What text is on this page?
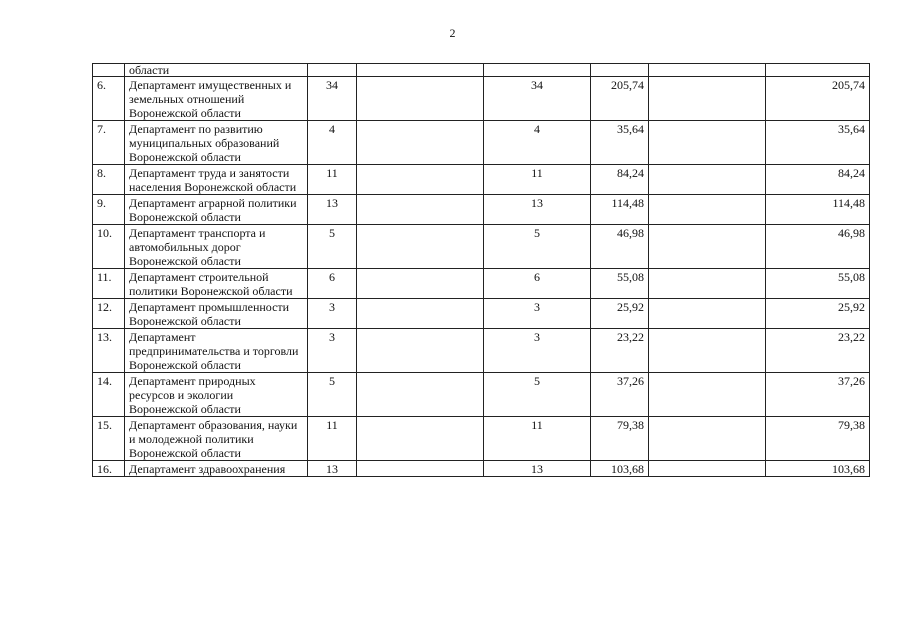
2
	области						
6.	Департамент имущественных и земельных отношений Воронежской области	34		34	205,74		205,74
7.	Департамент по развитию муниципальных образований Воронежской области	4		4	35,64		35,64
8.	Департамент труда и занятости населения Воронежской области	11		11	84,24		84,24
9.	Департамент аграрной политики Воронежской области	13		13	114,48		114,48
10.	Департамент транспорта и автомобильных дорог Воронежской области	5		5	46,98		46,98
11.	Департамент строительной политики Воронежской области	6		6	55,08		55,08
12.	Департамент промышленности Воронежской области	3		3	25,92		25,92
13.	Департамент предпринимательства и торговли Воронежской области	3		3	23,22		23,22
14.	Департамент природных ресурсов и экологии Воронежской области	5		5	37,26		37,26
15.	Департамент образования, науки и молодежной политики Воронежской области	11		11	79,38		79,38
16.	Департамент здравоохранения	13		13	103,68		103,68
